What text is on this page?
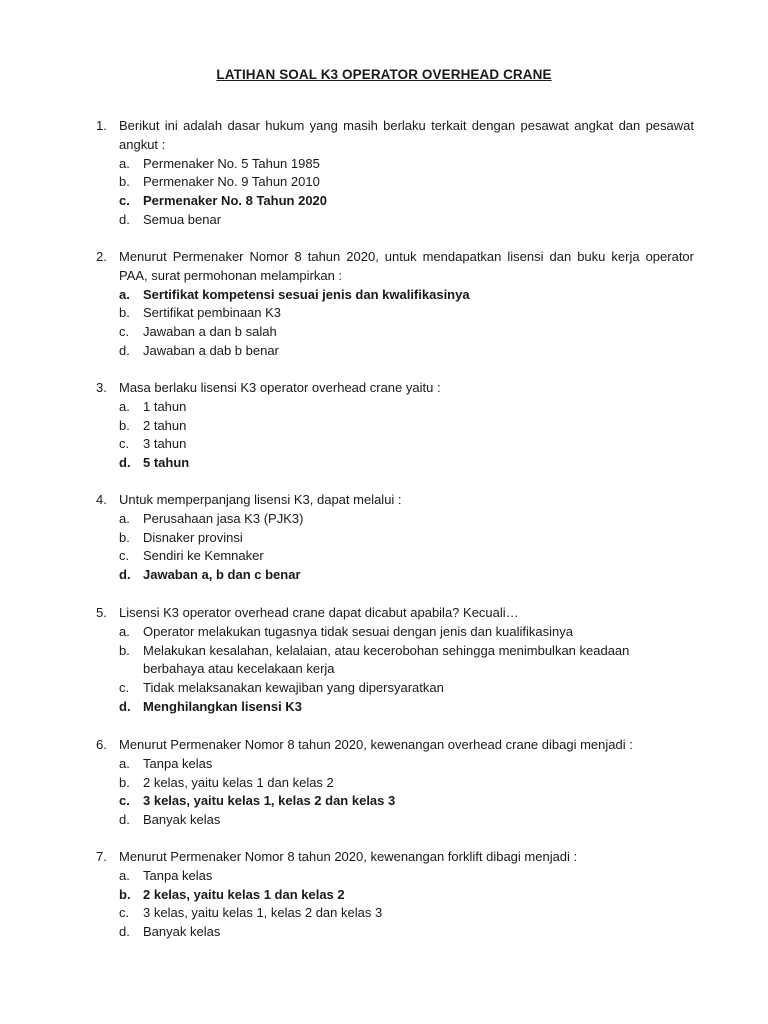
LATIHAN SOAL K3 OPERATOR OVERHEAD CRANE
1. Berikut ini adalah dasar hukum yang masih berlaku terkait dengan pesawat angkat dan pesawat angkut :
a.	Permenaker No. 5 Tahun 1985
b.	Permenaker No. 9 Tahun 2010
c.	Permenaker No. 8 Tahun 2020
d.	Semua benar
2. Menurut Permenaker Nomor 8 tahun 2020, untuk mendapatkan lisensi dan buku kerja operator PAA, surat permohonan melampirkan :
a.	Sertifikat kompetensi sesuai jenis dan kwalifikasinya
b.	Sertifikat pembinaan K3
c.	Jawaban a dan b salah
d.	Jawaban a dab b benar
3. Masa berlaku lisensi K3 operator overhead crane yaitu :
a.	1 tahun
b.	2 tahun
c.	3 tahun
d. 5 tahun
4. Untuk memperpanjang lisensi K3, dapat melalui :
a.	Perusahaan jasa K3 (PJK3)
b.	Disnaker provinsi
c.	Sendiri ke Kemnaker
d. Jawaban a, b dan c benar
5. Lisensi K3 operator overhead crane dapat dicabut apabila? Kecuali…
a.	Operator melakukan tugasnya tidak sesuai dengan jenis dan kualifikasinya
b.	Melakukan kesalahan, kelalaian, atau kecerobohan sehingga menimbulkan keadaan berbahaya atau kecelakaan kerja
c.	Tidak melaksanakan kewajiban yang dipersyaratkan
d. Menghilangkan lisensi K3
6. Menurut Permenaker Nomor 8 tahun 2020, kewenangan overhead crane dibagi menjadi :
a.	Tanpa kelas
b.	2 kelas, yaitu kelas 1 dan kelas 2
c.	3 kelas, yaitu kelas 1, kelas 2 dan kelas 3
d.	Banyak kelas
7. Menurut Permenaker Nomor 8 tahun 2020, kewenangan forklift dibagi menjadi :
a.	Tanpa kelas
b. 2 kelas, yaitu kelas 1 dan kelas 2
c.	3 kelas, yaitu kelas 1, kelas 2 dan kelas 3
d.	Banyak kelas
